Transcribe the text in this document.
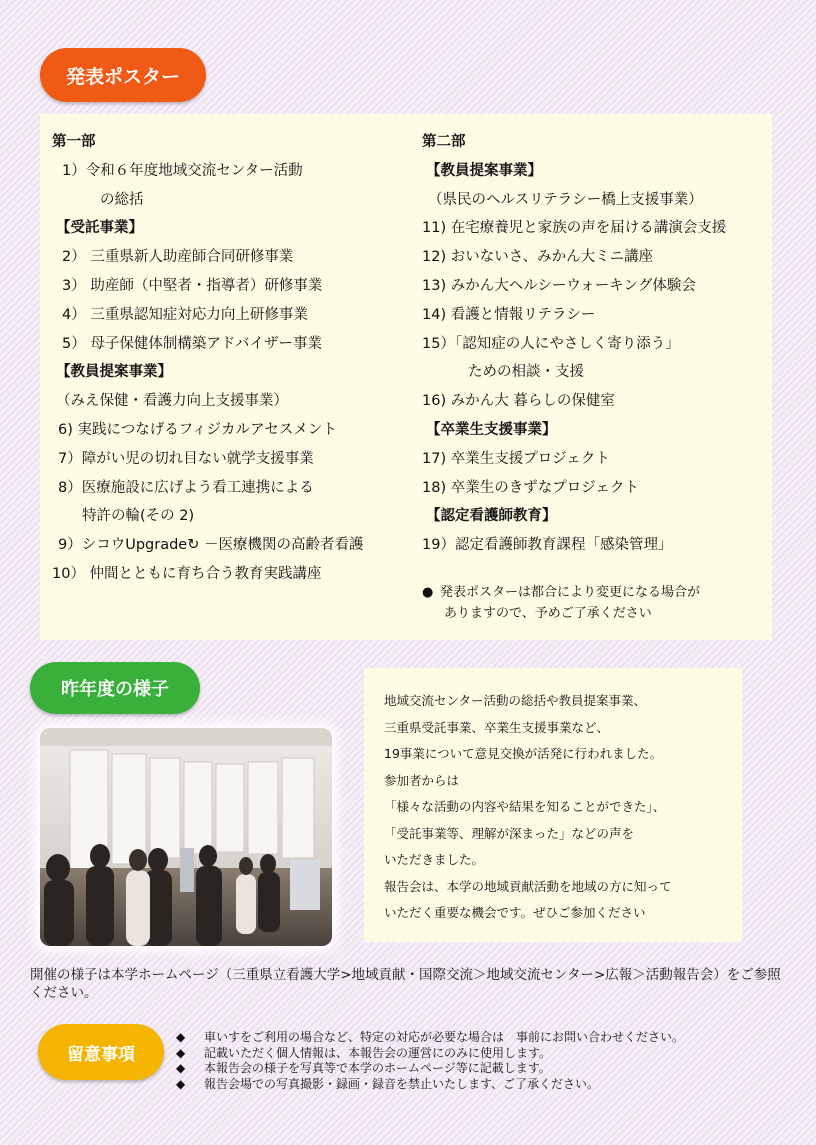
発表ポスター
第一部
1）令和６年度地域交流センター活動
の総括
【受託事業】
2） 三重県新人助産師合同研修事業
3） 助産師（中堅者・指導者）研修事業
4） 三重県認知症対応力向上研修事業
5） 母子保健体制構築アドバイザー事業
【教員提案事業】
（みえ保健・看護力向上支援事業）
6) 実践につなげるフィジカルアセスメント
7）障がい児の切れ目ない就学支援事業
8）医療施設に広げよう看工連携による
特許の輪(その 2)
9）シコウUpgrade↻ －医療機関の高齢者看護
10） 仲間とともに育ち合う教育実践講座
第二部
【教員提案事業】
（県民のヘルスリテラシー橋上支援事業）
11) 在宅療養児と家族の声を届ける講演会支援
12) おいないさ、みかん大ミニ講座
13) みかん大ヘルシーウォーキング体験会
14) 看護と情報リテラシー
15）「認知症の人にやさしく寄り添う」
ための相談・支援
16) みかん大 暮らしの保健室
【卒業生支援事業】
17) 卒業生支援プロジェクト
18) 卒業生のきずなプロジェクト
【認定看護師教育】
19）認定看護師教育課程「感染管理」
● 発表ポスターは都合により変更になる場合が
ありますので、予めご了承ください
昨年度の様子
地域交流センター活動の総括や教員提案事業、
三重県受託事業、卒業生支援事業など、
19事業について意見交換が活発に行われました。
参加者からは
「様々な活動の内容や結果を知ることができた」、
「受託事業等、理解が深まった」などの声を
いただきました。
報告会は、本学の地域貢献活動を地域の方に知って
いただく重要な機会です。ぜひご参加ください
開催の様子は本学ホームページ（三重県立看護大学>地域貢献・国際交流＞地域交流センター>広報＞活動報告会）をご参照ください。
留意事項
◆ 車いすをご利用の場合など、特定の対応が必要な場合は　事前にお問い合わせください。
◆ 記載いただく個人情報は、本報告会の運営にのみに使用します。
◆ 本報告会の様子を写真等で本学のホームページ等に記載します。
◆ 報告会場での写真撮影・録画・録音を禁止いたします、ご了承ください。
